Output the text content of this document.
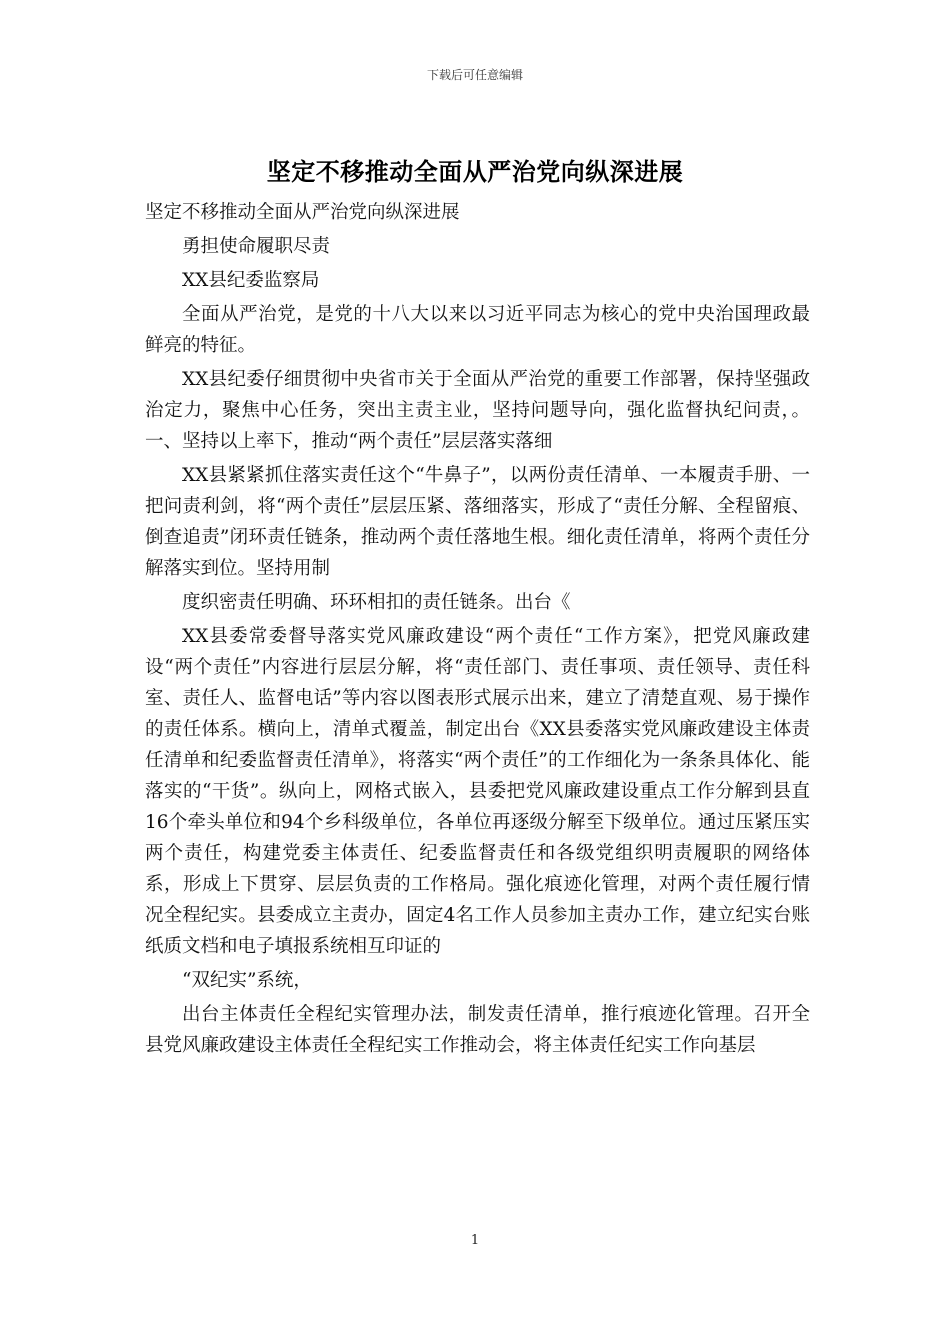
下载后可任意编辑
坚定不移推动全面从严治党向纵深进展

坚定不移推动全面从严治党向纵深进展

勇担使命履职尽责

XX县纪委监察局

全面从严治党，是党的十八大以来以习近平同志为核心的党中央治国理政最鲜亮的特征。

XX县纪委仔细贯彻中央省市关于全面从严治党的重要工作部署，保持坚强政治定力，聚焦中心任务，突出主责主业，坚持问题导向，强化监督执纪问责，。一、坚持以上率下，推动“两个责任”层层落实落细

XX县紧紧抓住落实责任这个“牛鼻子”，以两份责任清单、一本履责手册、一把问责利剑，将“两个责任”层层压紧、落细落实，形成了“责任分解、全程留痕、倒查追责”闭环责任链条，推动两个责任落地生根。细化责任清单，将两个责任分解落实到位。坚持用制

度织密责任明确、环环相扣的责任链条。出台《

XX县委常委督导落实党风廉政建设“两个责任“工作方案》，把党风廉政建设“两个责任”内容进行层层分解，将“责任部门、责任事项、责任领导、责任科室、责任人、监督电话”等内容以图表形式展示出来，建立了清楚直观、易于操作的责任体系。横向上，清单式覆盖，制定出台《XX县委落实党风廉政建设主体责任清单和纪委监督责任清单》，将落实“两个责任”的工作细化为一条条具体化、能落实的“干货”。纵向上，网格式嵌入，县委把党风廉政建设重点工作分解到县直16个牵头单位和94个乡科级单位，各单位再逐级分解至下级单位。通过压紧压实两个责任，构建党委主体责任、纪委监督责任和各级党组织明责履职的网络体系，形成上下贯穿、层层负责的工作格局。强化痕迹化管理，对两个责任履行情况全程纪实。县委成立主责办，固定4名工作人员参加主责办工作，建立纪实台账纸质文档和电子填报系统相互印证的

“双纪实”系统，

出台主体责任全程纪实管理办法，制发责任清单，推行痕迹化管理。召开全县党风廉政建设主体责任全程纪实工作推动会，将主体责任纪实工作向基层

1
